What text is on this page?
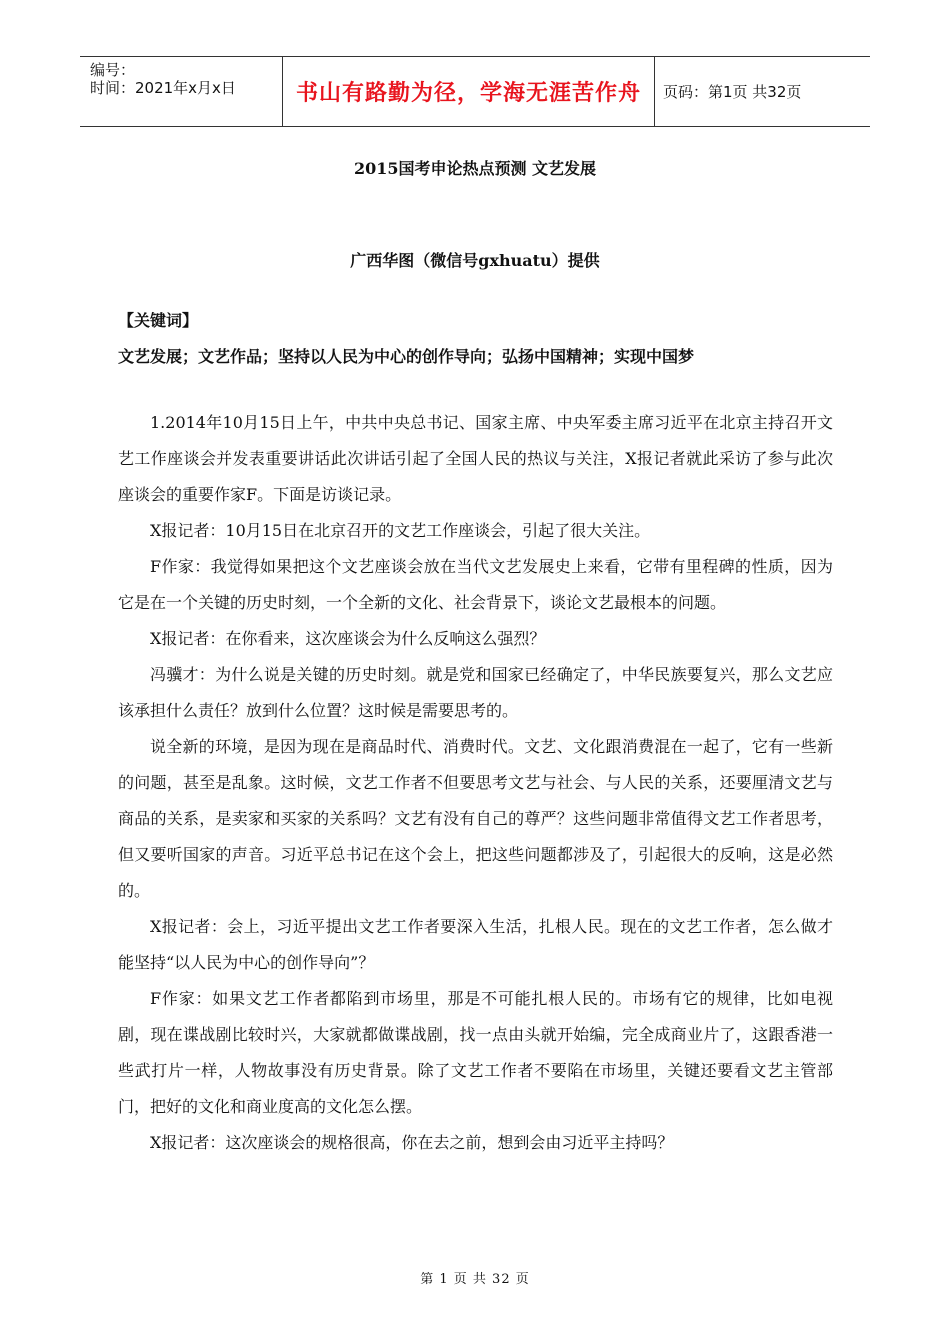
编号：
时间：2021年x月x日	书山有路勤为径，学海无涯苦作舟	页码：第1页 共32页
2015国考申论热点预测 文艺发展
广西华图（微信号gxhuatu）提供
【关键词】
文艺发展；文艺作品；坚持以人民为中心的创作导向；弘扬中国精神；实现中国梦

1.2014年10月15日上午，中共中央总书记、国家主席、中央军委主席习近平在北京主持召开文艺工作座谈会并发表重要讲话此次讲话引起了全国人民的热议与关注，X报记者就此采访了参与此次座谈会的重要作家F。下面是访谈记录。

X报记者：10月15日在北京召开的文艺工作座谈会，引起了很大关注。

F作家：我觉得如果把这个文艺座谈会放在当代文艺发展史上来看，它带有里程碑的性质，因为它是在一个关键的历史时刻，一个全新的文化、社会背景下，谈论文艺最根本的问题。

X报记者：在你看来，这次座谈会为什么反响这么强烈？

冯骥才：为什么说是关键的历史时刻。就是党和国家已经确定了，中华民族要复兴，那么文艺应该承担什么责任？放到什么位置？这时候是需要思考的。

说全新的环境，是因为现在是商品时代、消费时代。文艺、文化跟消费混在一起了，它有一些新的问题，甚至是乱象。这时候，文艺工作者不但要思考文艺与社会、与人民的关系，还要厘清文艺与商品的关系，是卖家和买家的关系吗？文艺有没有自己的尊严？这些问题非常值得文艺工作者思考，但又要听国家的声音。习近平总书记在这个会上，把这些问题都涉及了，引起很大的反响，这是必然的。

X报记者：会上，习近平提出文艺工作者要深入生活，扎根人民。现在的文艺工作者，怎么做才能坚持“以人民为中心的创作导向”？

F作家：如果文艺工作者都陷到市场里，那是不可能扎根人民的。市场有它的规律，比如电视剧，现在谍战剧比较时兴，大家就都做谍战剧，找一点由头就开始编，完全成商业片了，这跟香港一些武打片一样，人物故事没有历史背景。除了文艺工作者不要陷在市场里，关键还要看文艺主管部门，把好的文化和商业度高的文化怎么摆。

X报记者：这次座谈会的规格很高，你在去之前，想到会由习近平主持吗？

第 1 页 共 32 页
